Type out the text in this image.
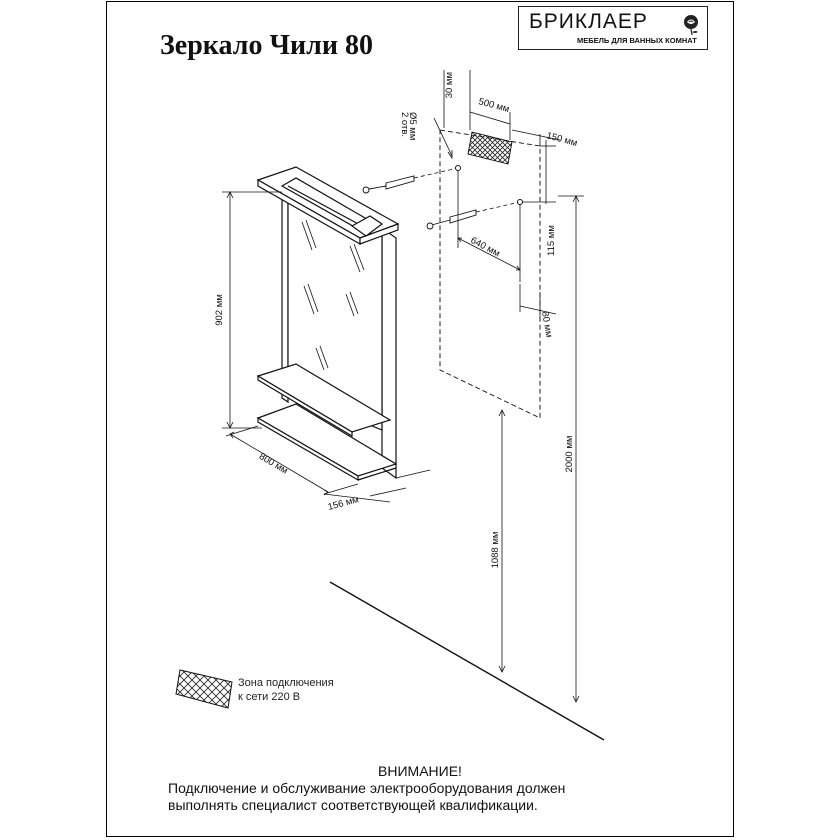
Зеркало Чили 80
БРИКЛАЕР
МЕБЕЛЬ ДЛЯ ВАННЫХ КОМНАТ
902 мм
800 мм
156 мм
Ø5 мм
2 отв.
30 мм
500 мм
150 мм
640 мм	115 мм
80 мм
1088 мм
2000 мм
Зона подключения
к сети 220 В
ВНИМАНИЕ!
Подключение и обслуживание электрооборудования должен
выполнять специалист соответствующей квалификации.
